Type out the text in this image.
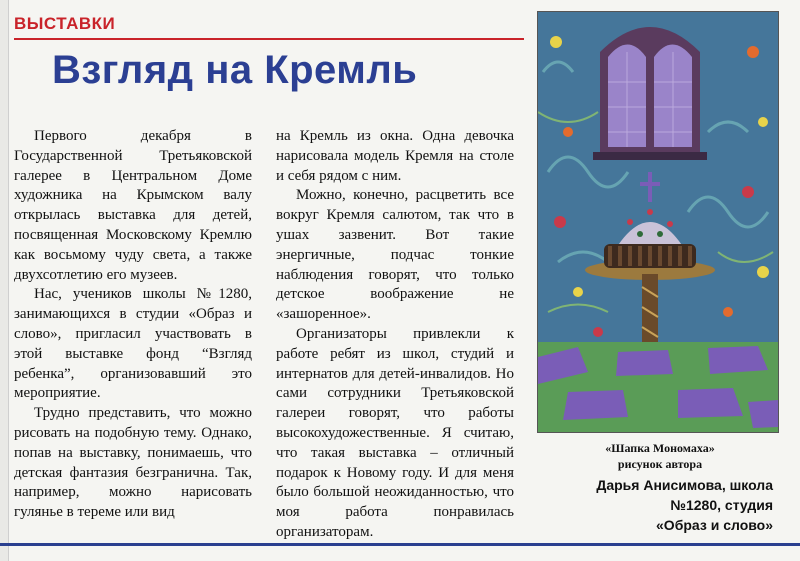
ВЫСТАВКИ
Взгляд на Кремль

Первого декабря в Государственной Третьяковской галерее в Центральном Доме художника на Крымском валу открылась выставка для детей, посвященная Московскому Кремлю как восьмому чуду света, а также двухсотлетию его музеев.

Нас, учеников школы №1280, занимающихся в студии «Образ и слово», пригласил участвовать в этой выставке фонд “Взгляд ребенка”, организовавший это мероприятие.

Трудно представить, что можно рисовать на подобную тему. Однако, попав на выставку, понимаешь, что детская фантазия безгранична. Так, например, можно нарисовать гулянье в тереме или вид

на Кремль из окна. Одна девочка нарисовала модель Кремля на столе и себя рядом с ним.

Можно, конечно, расцветить все вокруг Кремля салютом, так что в ушах зазвенит. Вот такие энергичные, подчас тонкие наблюдения говорят, что только детское воображение не «зашоренное».

Организаторы привлекли к работе ребят из школ, студий и интернатов для детей-инвалидов. Но сами сотрудники Третьяковской галереи говорят, что работы высокохудожественные. Я считаю, что такая выставка – отличный подарок к Новому году. И для меня было большой неожиданностью, что моя работа понравилась организаторам.

«Шапка Мономаха»
рисунок автора
Дарья Анисимова, школа
№1280, студия
«Образ и слово»
